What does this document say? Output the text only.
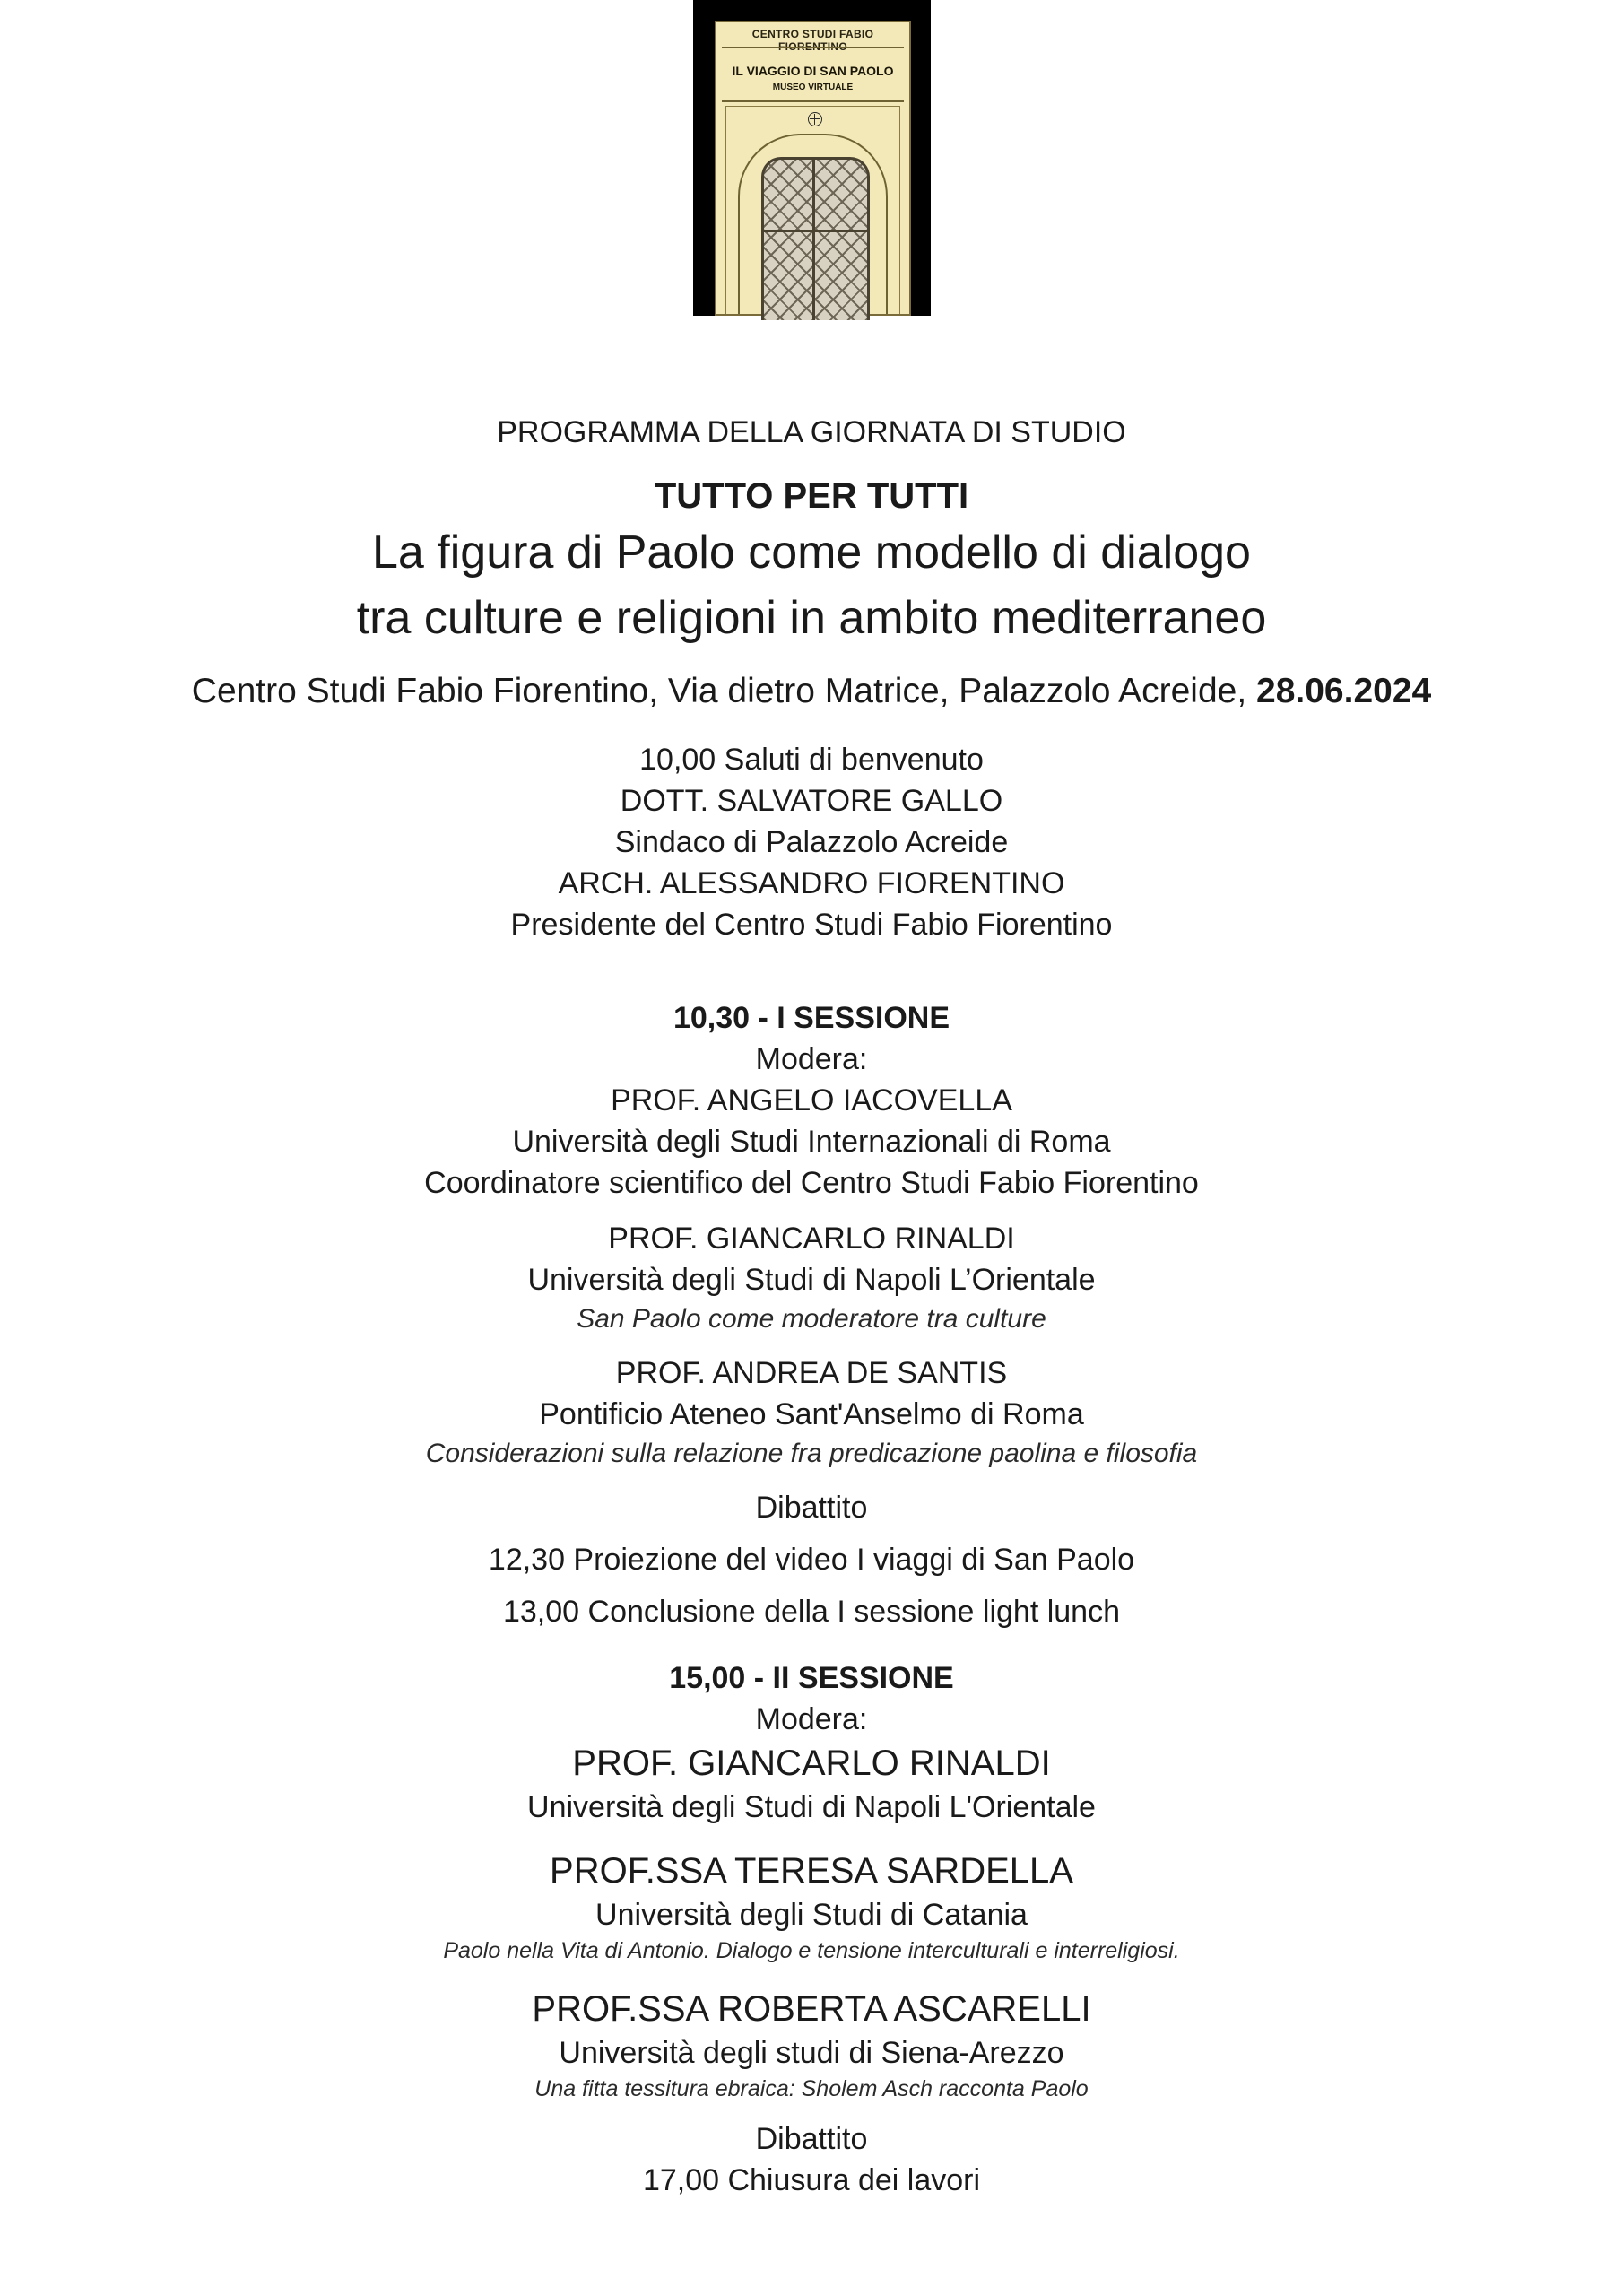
CENTRO STUDI FABIO FIORENTINO
IL VIAGGIO DI SAN PAOLO
MUSEO VIRTUALE
PROGRAMMA DELLA GIORNATA DI STUDIO
TUTTO PER TUTTI
La figura di Paolo come modello di dialogo
tra culture e religioni in ambito mediterraneo
Centro Studi Fabio Fiorentino, Via dietro Matrice, Palazzolo Acreide, 28.06.2024
10,00 Saluti di benvenuto
DOTT. SALVATORE GALLO
Sindaco di Palazzolo Acreide
ARCH. ALESSANDRO FIORENTINO
Presidente del Centro Studi Fabio Fiorentino
10,30 - I SESSIONE
Modera:
PROF. ANGELO IACOVELLA
Università degli Studi Internazionali di Roma
Coordinatore scientifico del Centro Studi Fabio Fiorentino
PROF. GIANCARLO RINALDI
Università degli Studi di Napoli L’Orientale
San Paolo come moderatore tra culture
PROF. ANDREA DE SANTIS
Pontificio Ateneo Sant'Anselmo di Roma
Considerazioni sulla relazione fra predicazione paolina e filosofia
Dibattito
12,30 Proiezione del video I viaggi di San Paolo
13,00 Conclusione della I sessione light lunch
15,00 - II SESSIONE
Modera:
PROF. GIANCARLO RINALDI
Università degli Studi di Napoli L'Orientale
PROF.SSA TERESA SARDELLA
Università degli Studi di Catania
Paolo nella Vita di Antonio. Dialogo e tensione interculturali e interreligiosi.
PROF.SSA ROBERTA ASCARELLI
Università degli studi di Siena-Arezzo
Una fitta tessitura ebraica: Sholem Asch racconta Paolo
Dibattito
17,00 Chiusura dei lavori
